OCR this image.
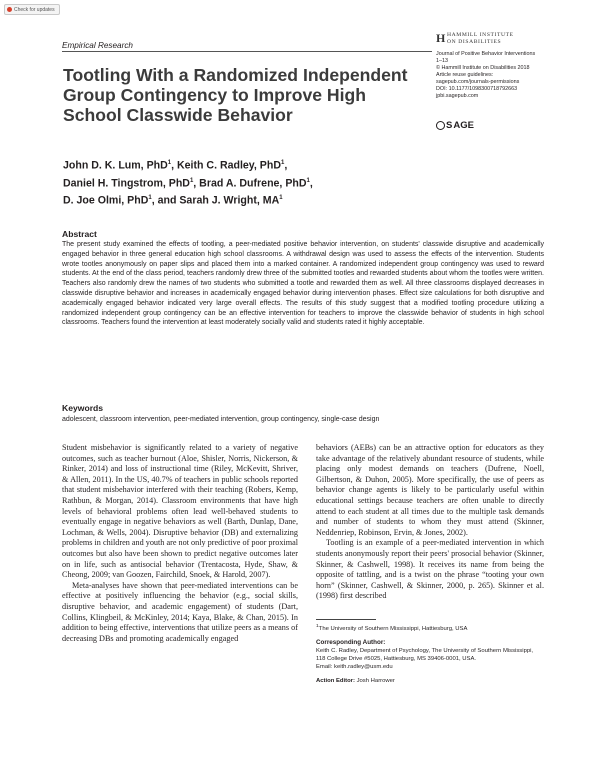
Check for updates
Empirical Research
Tootling With a Randomized Independent Group Contingency to Improve High School Classwide Behavior
John D. K. Lum, PhD$^1$, Keith C. Radley, PhD$^1$,
Daniel H. Tingstrom, PhD$^1$, Brad A. Dufrene, PhD$^1$,
D. Joe Olmi, PhD$^1$, and Sarah J. Wright, $MA^1$
H HAMMILL INSTITUTE
ON DISABILITIES
Journal of Positive Behavior Interventions
1–13
© Hammill Institute on Disabilities 2018
Article reuse guidelines:
sagepub.com/journals-permissions
DOI: 10.1177/1098300718792663
jpbi.sagepub.com
S AGE
Abstract
The present study examined the effects of tootling, a peer-mediated positive behavior intervention, on students' classwide disruptive and academically engaged behavior in three general education high school classrooms. A withdrawal design was used to assess the effects of the intervention. Students wrote tootles anonymously on paper slips and placed them into a marked container. A randomized independent group contingency was used to reward students. At the end of the class period, teachers randomly drew three of the submitted tootles and rewarded students about whom the tootles were written. Teachers also randomly drew the names of two students who submitted a tootle and rewarded them as well. All three classrooms displayed decreases in classwide disruptive behavior and increases in academically engaged behavior during intervention phases. Effect size calculations for both disruptive and academically engaged behavior indicated very large overall effects. The results of this study suggest that a modified tootling procedure utilizing a randomized independent group contingency can be an effective intervention for teachers to improve the classwide behavior of students in high school classrooms. Teachers found the intervention at least moderately socially valid and students rated it highly acceptable.
Keywords
adolescent, classroom intervention, peer-mediated intervention, group contingency, single-case design

Student misbehavior is significantly related to a variety of negative outcomes, such as teacher burnout (Aloe, Shisler, Norris, Nickerson, & Rinker, 2014) and loss of instructional time (Riley, McKevitt, Shriver, & Allen, 2011). In the US, 40.7% of teachers in public schools reported that student misbehavior interfered with their teaching (Robers, Kemp, Rathbun, & Morgan, 2014). Classroom environments that have high levels of behavioral problems often lead well-behaved students to eventually engage in negative behaviors as well (Barth, Dunlap, Dane, Lochman, & Wells, 2004). Disruptive behavior (DB) and externalizing problems in children and youth are not only predictive of poor proximal outcomes but also have been shown to predict negative outcomes later on in life, such as antisocial behavior (Trentacosta, Hyde, Shaw, & Cheong, 2009; van Goozen, Fairchild, Snoek, & Harold, 2007).

Meta-analyses have shown that peer-mediated interventions can be effective at positively influencing the behavior (e.g., social skills, disruptive behavior, and academic engagement) of students (Dart, Collins, Klingbeil, & McKinley, 2014; Kaya, Blake, & Chan, 2015). In addition to being effective, interventions that utilize peers as a means of decreasing DBs and promoting academically engaged

behaviors (AEBs) can be an attractive option for educators as they take advantage of the relatively abundant resource of students, while placing only modest demands on teachers (Dufrene, Noell, Gilbertson, & Duhon, 2005). More specifically, the use of peers as behavior change agents is likely to be particularly useful within educational settings because teachers are often unable to directly attend to each student at all times due to the multiple task demands and number of students to whom they must attend (Skinner, Neddenriep, Robinson, Ervin, & Jones, 2002).

Tootling is an example of a peer-mediated intervention in which students anonymously report their peers' prosocial behavior (Skinner, Skinner, & Cashwell, 1998). It receives its name from being the opposite of tattling, and is a twist on the phrase “tooting your own horn” (Skinner, Cashwell, & Skinner, 2000, p. 265). Skinner et al. (1998) first described

$^1$The University of Southern Mississippi, Hattiesburg, USA
Corresponding Author:
Keith C. Radley, Department of Psychology, The University of Southern Mississippi, 118 College Drive #5025, Hattiesburg, MS 39406-0001, USA.
Email: keith.radley@usm.edu
Action Editor: Josh Harrower
